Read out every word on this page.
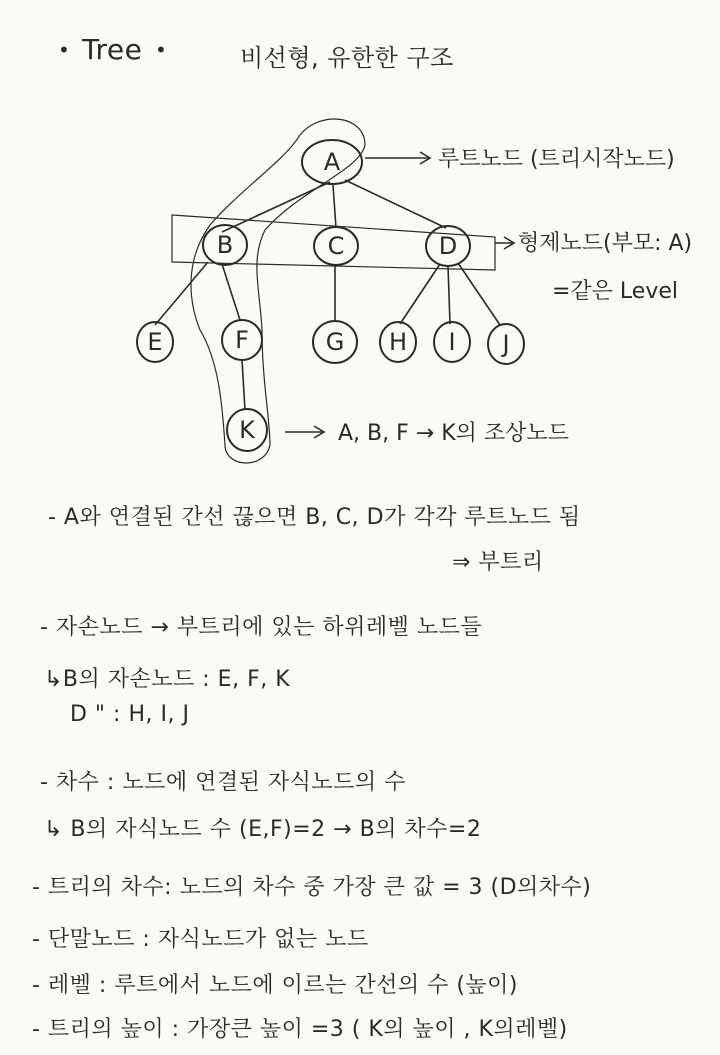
• Tree •	비선형, 유한한 구조
A
B	C	D
E	F	G H I J
K
루트노드 (트리시작노드)
형제노드(부모: A)
=같은 Level
A, B, F → K의 조상노드
- A와 연결된 간선 끊으면 B, C, D가 각각 루트노드 됨
⇒ 부트리
- 자손노드 → 부트리에 있는 하위레벨 노드들
↳B의 자손노드 : E, F, K
D " : H, I, J
- 차수 : 노드에 연결된 자식노드의 수
↳ B의 자식노드 수 (E,F)=2 → B의 차수=2
- 트리의 차수: 노드의 차수 중 가장 큰 값 = 3 (D의차수)
- 단말노드 : 자식노드가 없는 노드
- 레벨 : 루트에서 노드에 이르는 간선의 수 (높이)
- 트리의 높이 : 가장큰 높이 =3 ( K의 높이 , K의레벨)
